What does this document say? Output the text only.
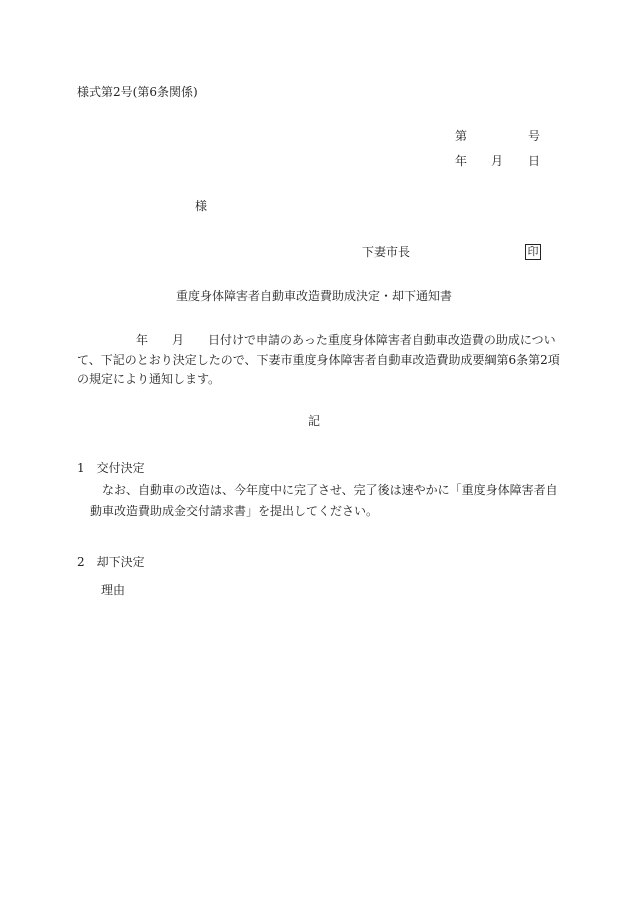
様式第2号(第6条関係)
第	号
年 月 日
様
下妻市長	印
重度身体障害者自動車改造費助成決定・却下通知書
年 月 日付けで申請のあった重度身体障害者自動車改造費の助成につい
て、下記のとおり決定したので、下妻市重度身体障害者自動車改造費助成要綱第6条第2項
の規定により通知します。
記
1　交付決定
なお、自動車の改造は、今年度中に完了させ、完了後は速やかに「重度身体障害者自
動車改造費助成金交付請求書」を提出してください。
2　却下決定
理由
